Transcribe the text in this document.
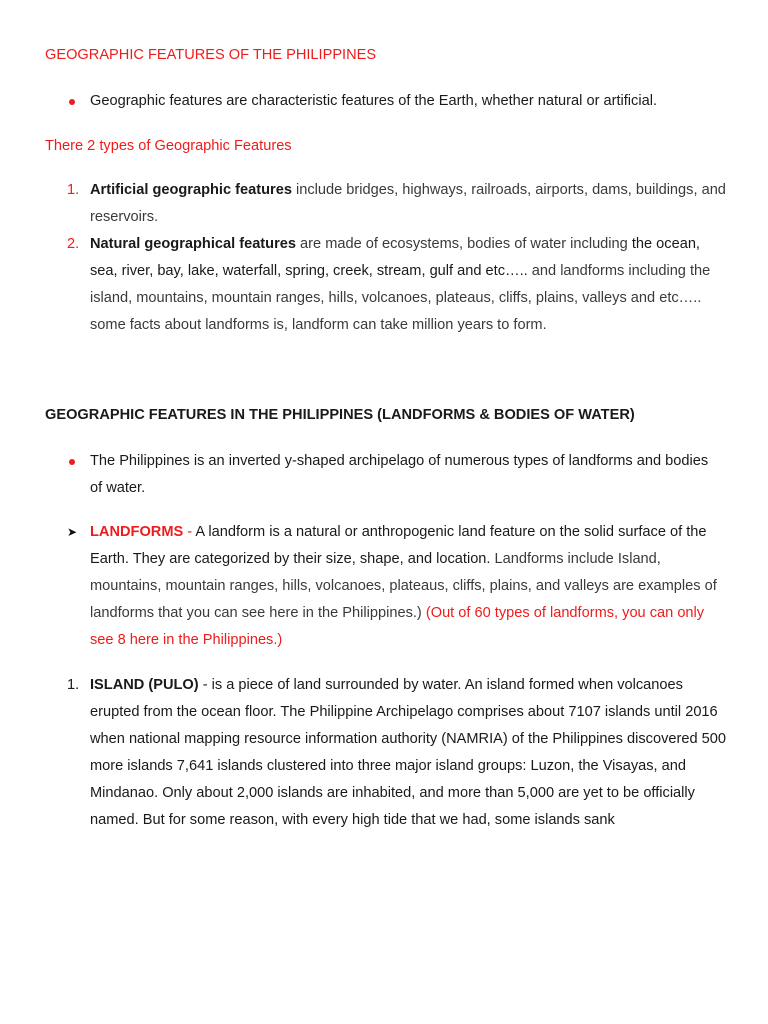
GEOGRAPHIC FEATURES OF THE PHILIPPINES
Geographic features are characteristic features of the Earth, whether natural or artificial.
There 2 types of Geographic Features
1. Artificial geographic features include bridges, highways, railroads, airports, dams, buildings, and reservoirs.
2. Natural geographical features are made of ecosystems, bodies of water including the ocean, sea, river, bay, lake, waterfall, spring, creek, stream, gulf and etc….. and landforms including the island, mountains, mountain ranges, hills, volcanoes, plateaus, cliffs, plains, valleys and etc….. some facts about landforms is, landform can take million years to form.
GEOGRAPHIC FEATURES IN THE PHILIPPINES (LANDFORMS & BODIES OF WATER)
The Philippines is an inverted y-shaped archipelago of numerous types of landforms and bodies of water.
➤ LANDFORMS - A landform is a natural or anthropogenic land feature on the solid surface of the Earth. They are categorized by their size, shape, and location. Landforms include Island, mountains, mountain ranges, hills, volcanoes, plateaus, cliffs, plains, and valleys are examples of landforms that you can see here in the Philippines.) (Out of 60 types of landforms, you can only see 8 here in the Philippines.)
1. ISLAND (PULO) - is a piece of land surrounded by water. An island formed when volcanoes erupted from the ocean floor. The Philippine Archipelago comprises about 7107 islands until 2016 when national mapping resource information authority (NAMRIA) of the Philippines discovered 500 more islands 7,641 islands clustered into three major island groups: Luzon, the Visayas, and Mindanao. Only about 2,000 islands are inhabited, and more than 5,000 are yet to be officially named. But for some reason, with every high tide that we had, some islands sank
